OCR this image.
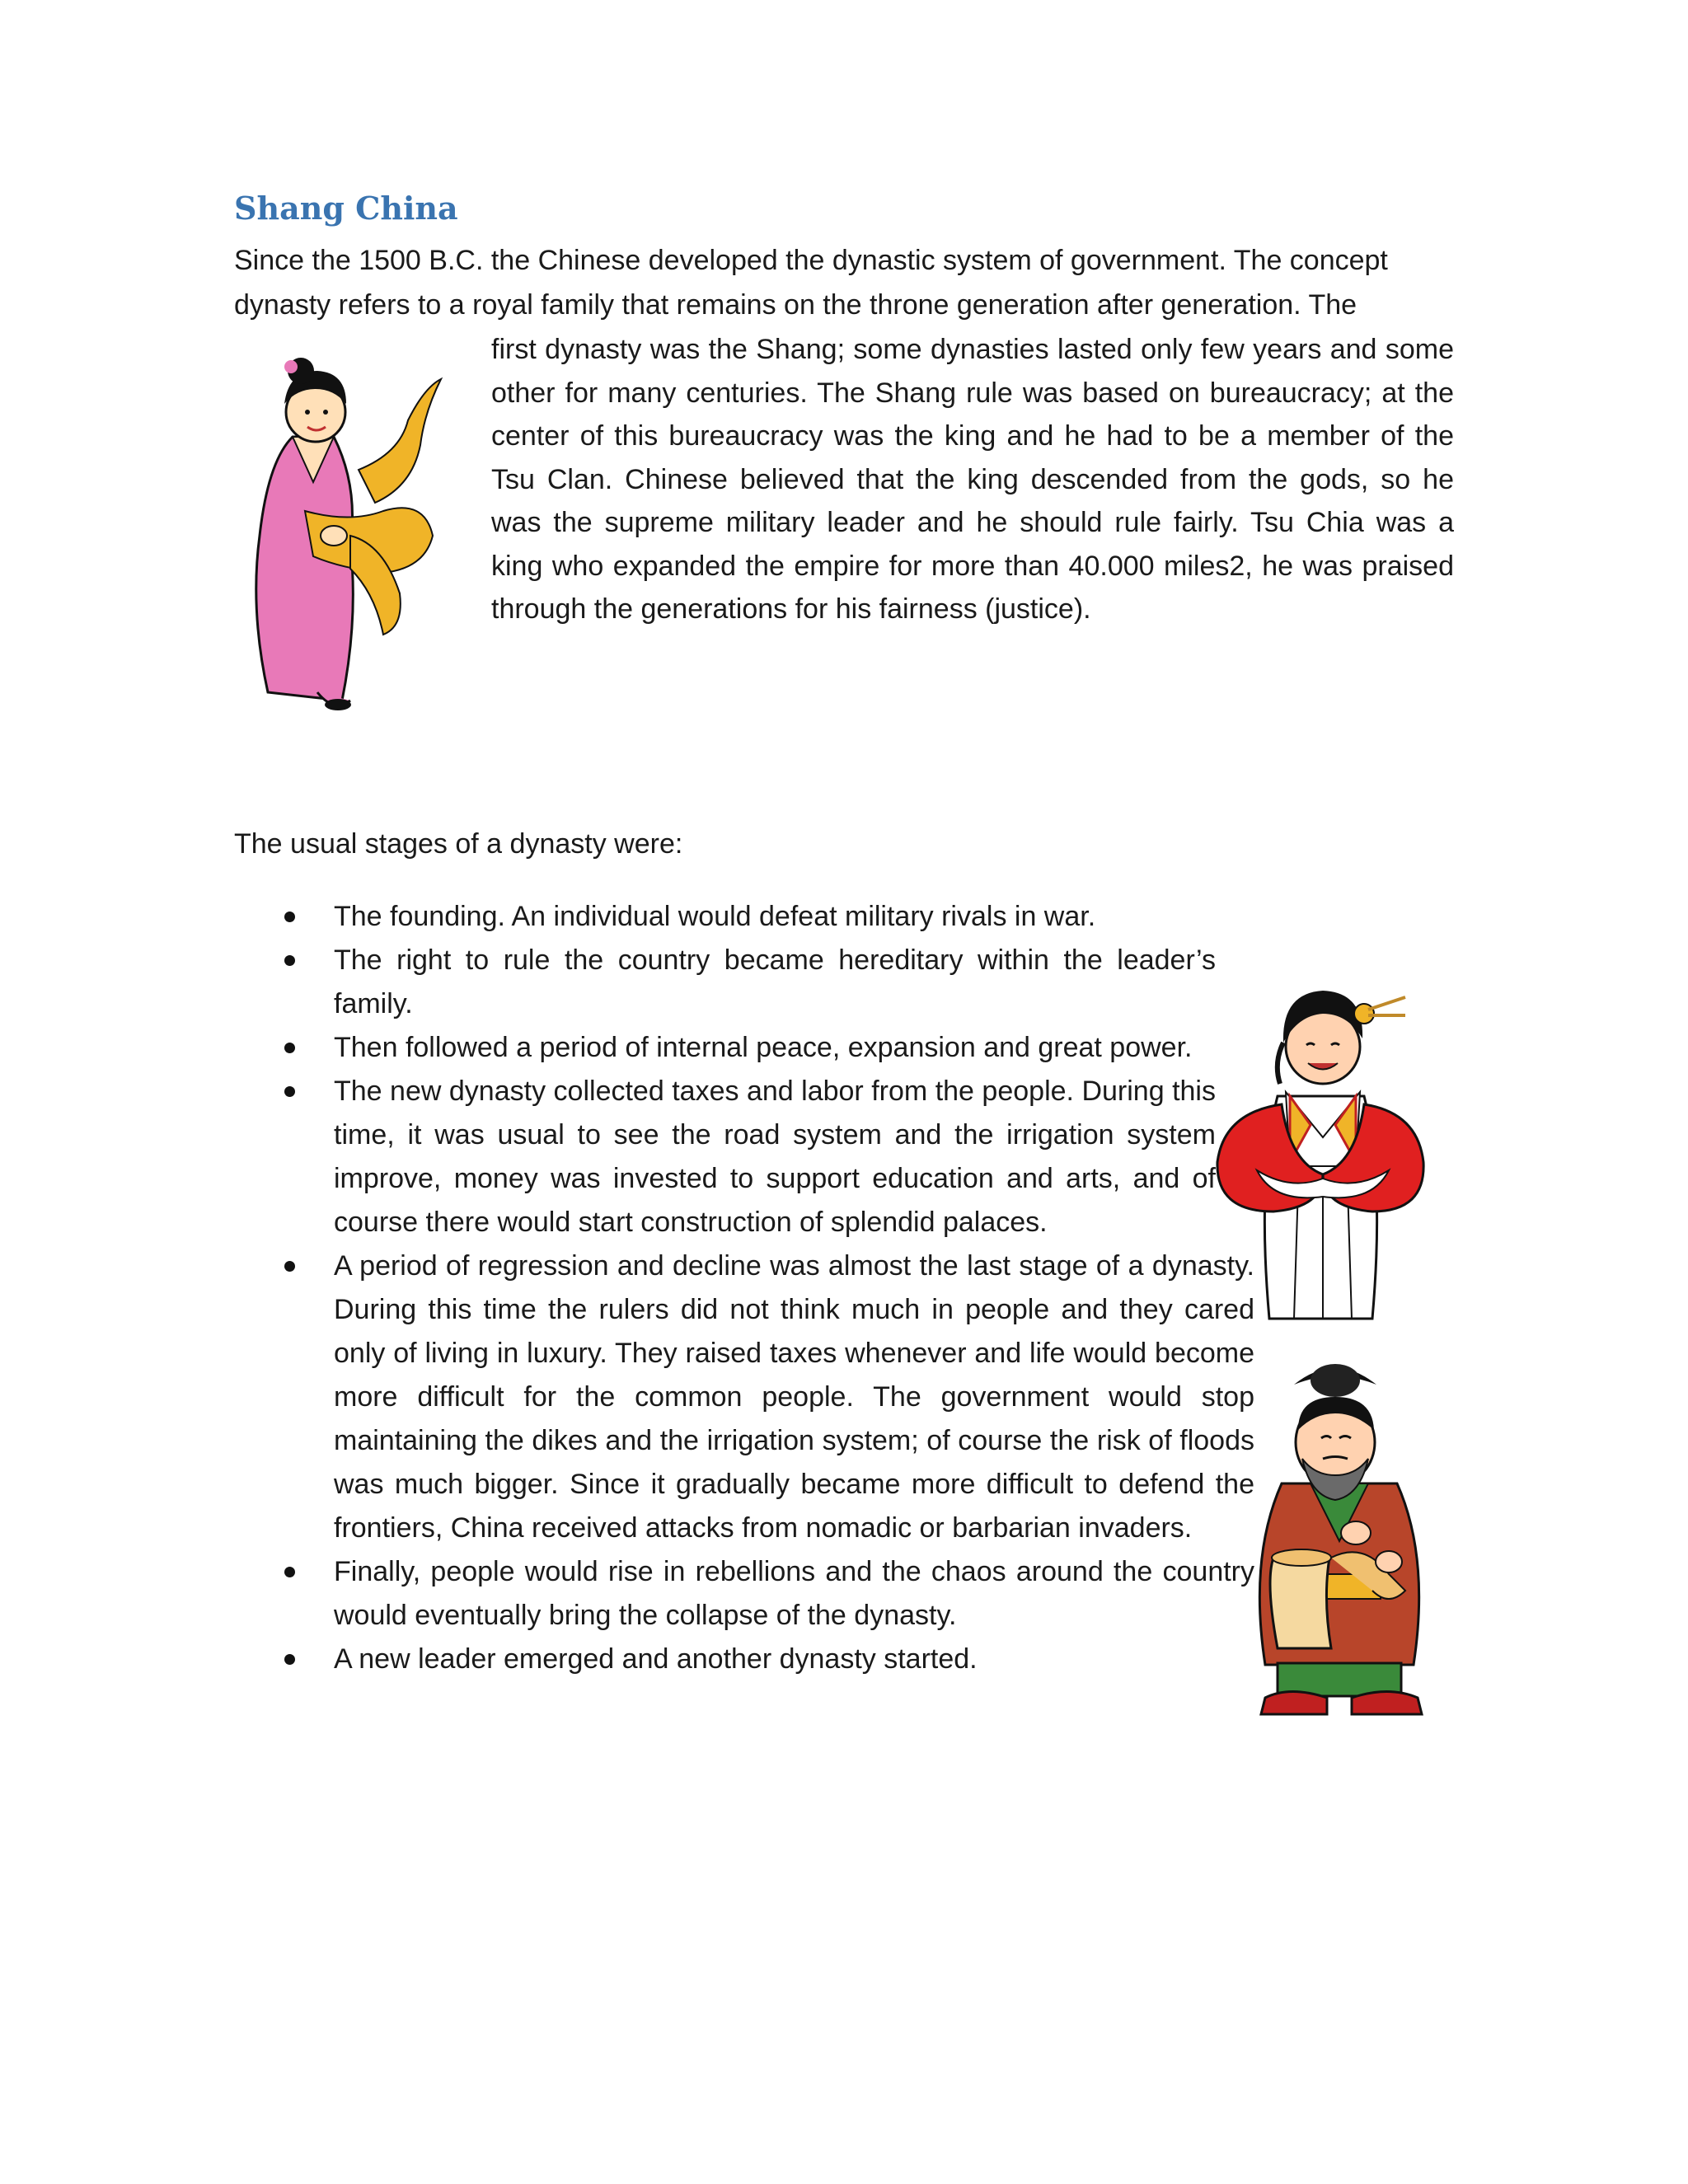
Shang China
Since the 1500 B.C. the Chinese developed the dynastic system of government. The concept
dynasty refers to a royal family that remains on the throne generation after generation. The

first dynasty was the Shang; some dynasties lasted only few years and some other for many centuries. The Shang rule was based on bureaucracy; at the center of this bureaucracy was the king and he had to be a member of the Tsu Clan. Chinese believed that the king descended from the gods, so he was the supreme military leader and he should rule fairly. Tsu Chia was a king who expanded the empire for more than 40.000 miles2, he was praised through the generations for his fairness (justice).

The usual stages of a dynasty were:

The founding. An individual would defeat military rivals in war.
The right to rule the country became hereditary within the leader’s family.
Then followed a period of internal peace, expansion and great power.
The new dynasty collected taxes and labor from the people. During this time, it was usual to see the road system and the irrigation system improve, money was invested to support education and arts, and of course there would start construction of splendid palaces.
A period of regression and decline was almost the last stage of a dynasty. During this time the rulers did not think much in people and they cared only of living in luxury. They raised taxes whenever and life would become more difficult for the common people. The government would stop maintaining the dikes and the irrigation system; of course the risk of floods was much bigger. Since it gradually became more difficult to defend the frontiers, China received attacks from nomadic or barbarian invaders.
Finally, people would rise in rebellions and the chaos around the country would eventually bring the collapse of the dynasty.
A new leader emerged and another dynasty started.
